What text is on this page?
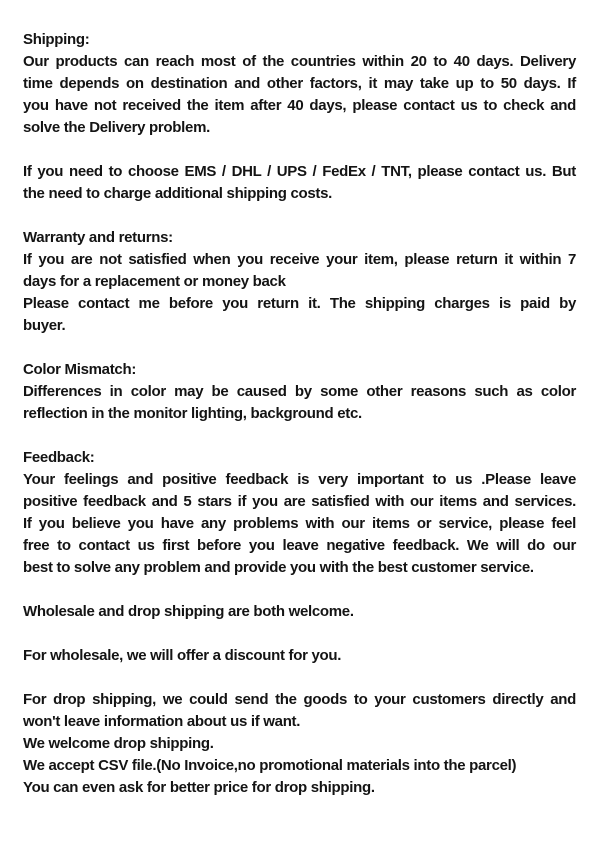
Shipping:
Our products can reach most of the countries within 20 to 40 days. Delivery
time depends on destination and other factors, it may take up to 50 days. If
you have not received the item after 40 days, please contact us to check and
solve the Delivery problem.
If you need to choose EMS / DHL / UPS / FedEx / TNT, please contact us. But
the need to charge additional shipping costs.
Warranty and returns:
If you are not satisfied when you receive your item, please return it within 7
days for a replacement or money back
Please contact me before you return it. The shipping charges is paid by
buyer.
Color Mismatch:
Differences in color may be caused by some other reasons such as color
reflection in the monitor lighting, background etc.
Feedback:
Your feelings and positive feedback is very important to us .Please leave
positive feedback and 5 stars if you are satisfied with our items and services.
If you believe you have any problems with our items or service, please feel
free to contact us first before you leave negative feedback. We will do our
best to solve any problem and provide you with the best customer service.
Wholesale and drop shipping are both welcome.
For wholesale, we will offer a discount for you.
For drop shipping, we could send the goods to your customers directly and
won't leave information about us if want.
We welcome drop shipping.
We accept CSV file.(No Invoice,no promotional materials into the parcel)
You can even ask for better price for drop shipping.
